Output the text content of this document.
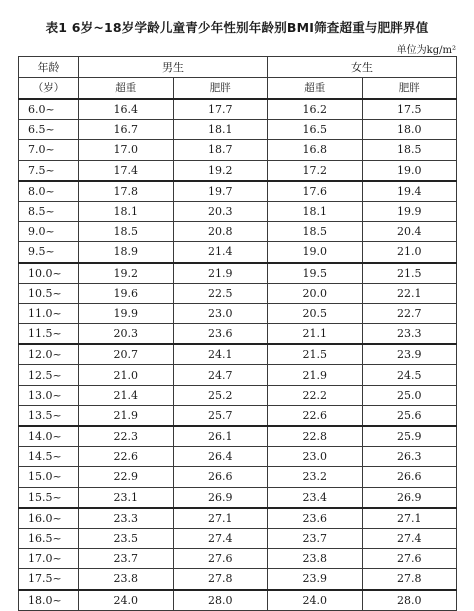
表1 6岁~18岁学龄儿童青少年性别年龄别BMI筛查超重与肥胖界值
单位为kg/m²
年龄	男生		女生	
（岁）	超重	肥胖	超重	肥胖
6.0~	16.4	17.7	16.2	17.5
6.5~	16.7	18.1	16.5	18.0
7.0~	17.0	18.7	16.8	18.5
7.5~	17.4	19.2	17.2	19.0
8.0~	17.8	19.7	17.6	19.4
8.5~	18.1	20.3	18.1	19.9
9.0~	18.5	20.8	18.5	20.4
9.5~	18.9	21.4	19.0	21.0
10.0~	19.2	21.9	19.5	21.5
10.5~	19.6	22.5	20.0	22.1
11.0~	19.9	23.0	20.5	22.7
11.5~	20.3	23.6	21.1	23.3
12.0~	20.7	24.1	21.5	23.9
12.5~	21.0	24.7	21.9	24.5
13.0~	21.4	25.2	22.2	25.0
13.5~	21.9	25.7	22.6	25.6
14.0~	22.3	26.1	22.8	25.9
14.5~	22.6	26.4	23.0	26.3
15.0~	22.9	26.6	23.2	26.6
15.5~	23.1	26.9	23.4	26.9
16.0~	23.3	27.1	23.6	27.1
16.5~	23.5	27.4	23.7	27.4
17.0~	23.7	27.6	23.8	27.6
17.5~	23.8	27.8	23.9	27.8
18.0~	24.0	28.0	24.0	28.0
